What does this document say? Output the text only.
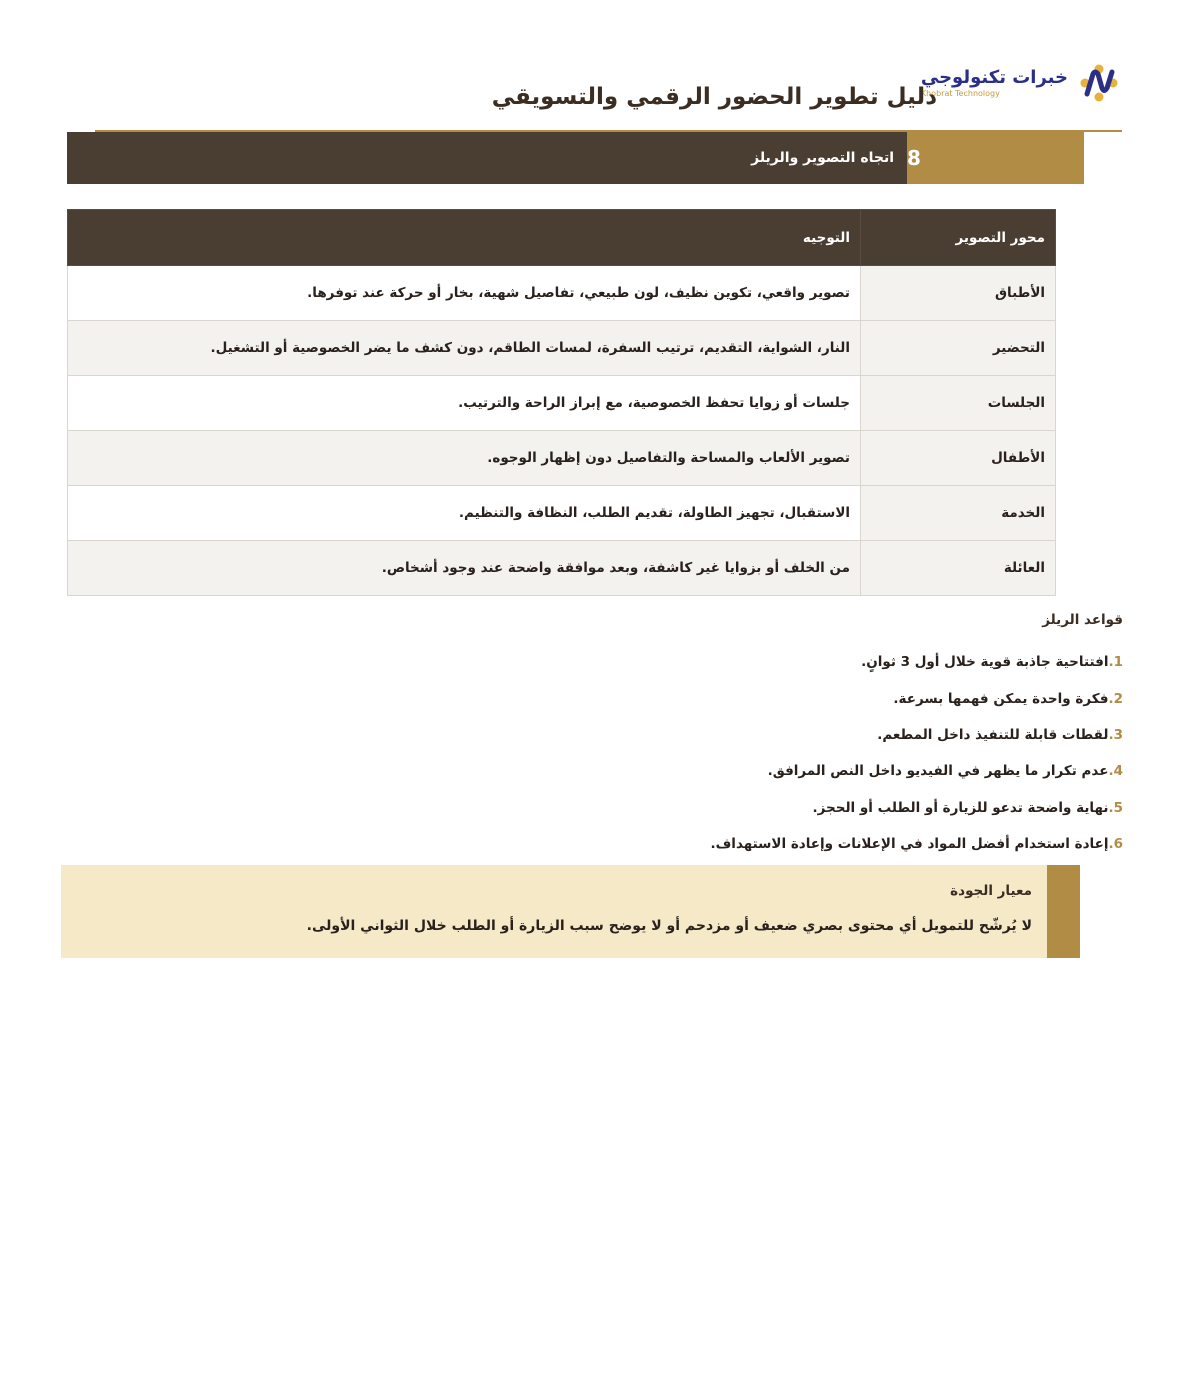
خبرات تكنولوجي
Khobrat Technology
دليل تطوير الحضور الرقمي والتسويقي
8
اتجاه التصوير والريلز
محور التصوير	التوجيه
الأطباق	تصوير واقعي، تكوين نظيف، لون طبيعي، تفاصيل شهية، بخار أو حركة عند توفرها.
التحضير	النار، الشواية، التقديم، ترتيب السفرة، لمسات الطاقم، دون كشف ما يضر الخصوصية أو التشغيل.
الجلسات	جلسات أو زوايا تحفظ الخصوصية، مع إبراز الراحة والترتيب.
الأطفال	تصوير الألعاب والمساحة والتفاصيل دون إظهار الوجوه.
الخدمة	الاستقبال، تجهيز الطاولة، تقديم الطلب، النظافة والتنظيم.
العائلة	من الخلف أو بزوايا غير كاشفة، وبعد موافقة واضحة عند وجود أشخاص.
قواعد الريلز
1.
افتتاحية جاذبة قوية خلال أول 3 ثوانٍ.
2.
فكرة واحدة يمكن فهمها بسرعة.
3.
لقطات قابلة للتنفيذ داخل المطعم.
4.
عدم تكرار ما يظهر في الفيديو داخل النص المرافق.
5.
نهاية واضحة تدعو للزيارة أو الطلب أو الحجز.
6.
إعادة استخدام أفضل المواد في الإعلانات وإعادة الاستهداف.
معيار الجودة
لا يُرشّح للتمويل أي محتوى بصري ضعيف أو مزدحم أو لا يوضح سبب الزيارة أو الطلب خلال الثواني الأولى.
